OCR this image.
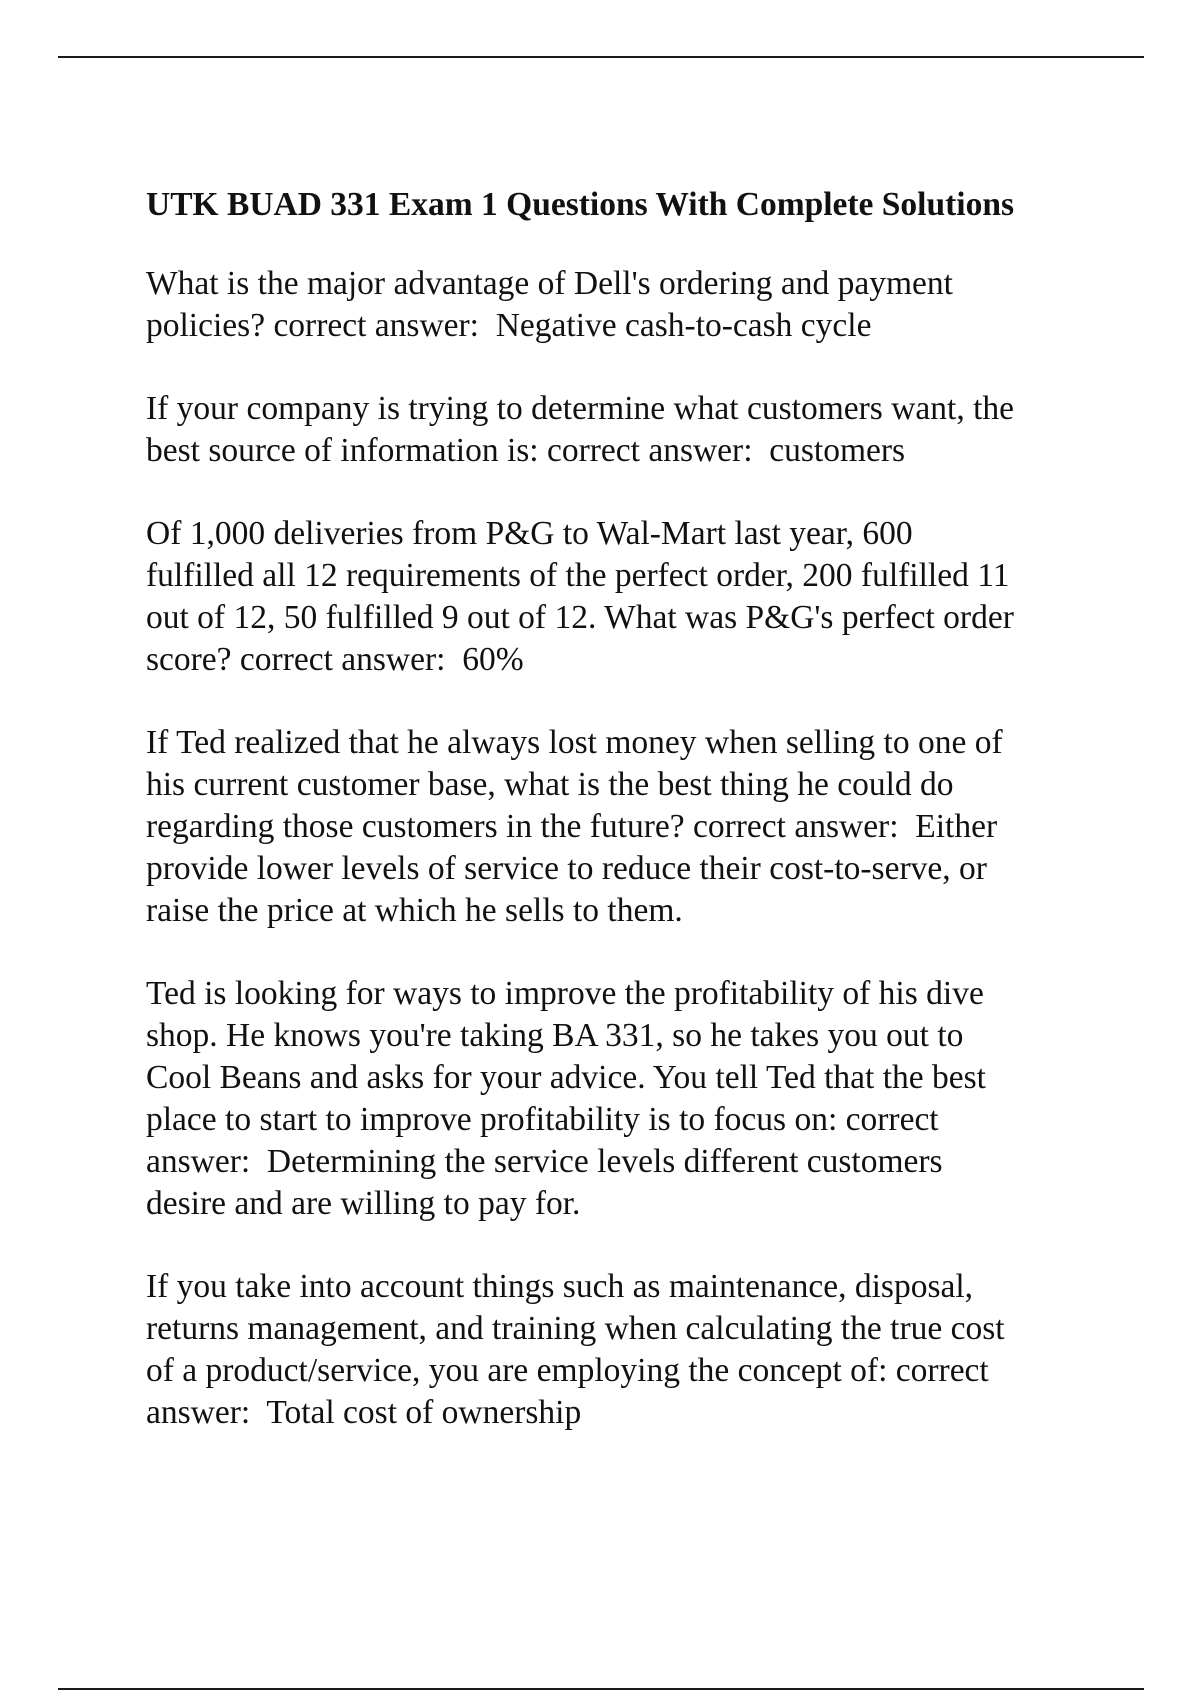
UTK BUAD 331 Exam 1 Questions With Complete Solutions
What is the major advantage of Dell's ordering and payment
policies? correct answer:  Negative cash-to-cash cycle
If your company is trying to determine what customers want, the
best source of information is: correct answer:  customers
Of 1,000 deliveries from P&G to Wal-Mart last year, 600
fulfilled all 12 requirements of the perfect order, 200 fulfilled 11
out of 12, 50 fulfilled 9 out of 12. What was P&G's perfect order
score? correct answer:  60%
If Ted realized that he always lost money when selling to one of
his current customer base, what is the best thing he could do
regarding those customers in the future? correct answer:  Either
provide lower levels of service to reduce their cost-to-serve, or
raise the price at which he sells to them.
Ted is looking for ways to improve the profitability of his dive
shop. He knows you're taking BA 331, so he takes you out to
Cool Beans and asks for your advice. You tell Ted that the best
place to start to improve profitability is to focus on: correct
answer:  Determining the service levels different customers
desire and are willing to pay for.
If you take into account things such as maintenance, disposal,
returns management, and training when calculating the true cost
of a product/service, you are employing the concept of: correct
answer:  Total cost of ownership
